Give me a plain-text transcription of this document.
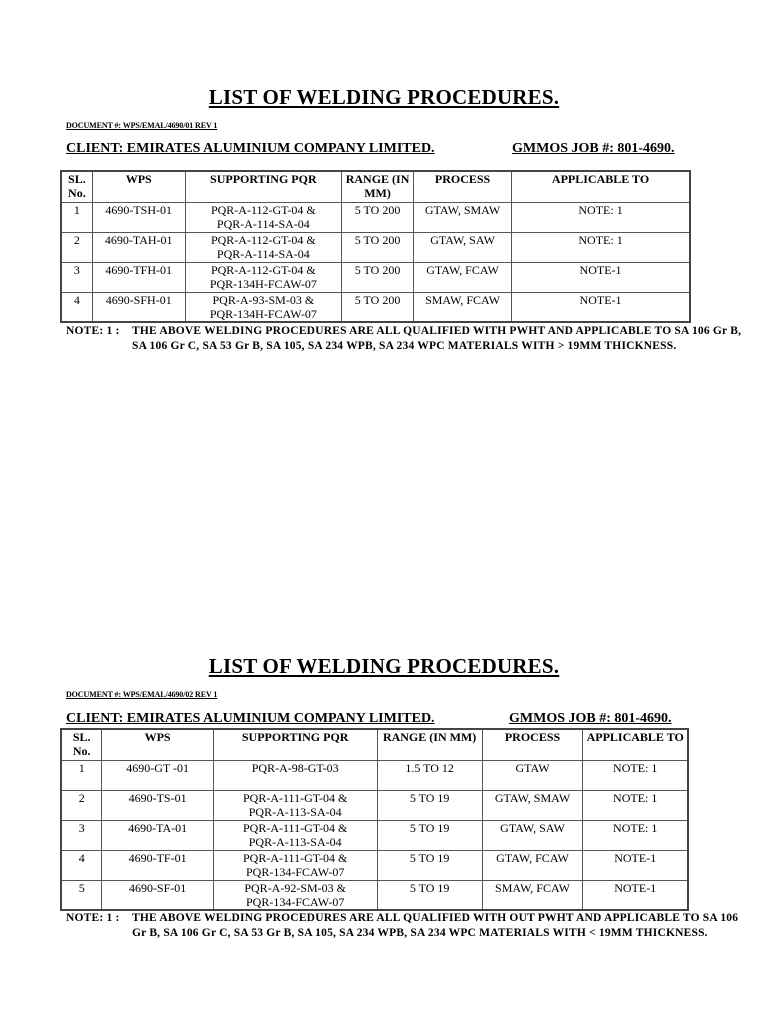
LIST OF WELDING PROCEDURES.
DOCUMENT #: WPS/EMAL/4690/01 REV 1
CLIENT: EMIRATES ALUMINIUM COMPANY LIMITED.	GMMOS JOB #: 801-4690.
SL. No.	WPS	SUPPORTING PQR	RANGE (IN MM)	PROCESS	APPLICABLE TO
1	4690-TSH-01	PQR-A-112-GT-04 &
PQR-A-114-SA-04	5 TO 200	GTAW, SMAW	NOTE: 1
2	4690-TAH-01	PQR-A-112-GT-04 &
PQR-A-114-SA-04	5 TO 200	GTAW, SAW	NOTE: 1
3	4690-TFH-01	PQR-A-112-GT-04 &
PQR-134H-FCAW-07	5 TO 200	GTAW, FCAW	NOTE-1
4	4690-SFH-01	PQR-A-93-SM-03 &
PQR-134H-FCAW-07	5 TO 200	SMAW, FCAW	NOTE-1
NOTE: 1 : THE ABOVE WELDING PROCEDURES ARE ALL QUALIFIED WITH PWHT AND APPLICABLE TO SA 106 Gr B, SA 106 Gr C, SA 53 Gr B, SA 105, SA 234 WPB, SA 234 WPC MATERIALS WITH > 19MM THICKNESS.
LIST OF WELDING PROCEDURES.
DOCUMENT #: WPS/EMAL/4690/02 REV 1
CLIENT: EMIRATES ALUMINIUM COMPANY LIMITED.	GMMOS JOB #: 801-4690.
SL. No.	WPS	SUPPORTING PQR	RANGE (IN MM)	PROCESS	APPLICABLE TO
1	4690-GT -01	PQR-A-98-GT-03	1.5 TO 12	GTAW	NOTE: 1
2	4690-TS-01	PQR-A-111-GT-04 &
PQR-A-113-SA-04	5 TO 19	GTAW, SMAW	NOTE: 1
3	4690-TA-01	PQR-A-111-GT-04 &
PQR-A-113-SA-04	5 TO 19	GTAW, SAW	NOTE: 1
4	4690-TF-01	PQR-A-111-GT-04 &
PQR-134-FCAW-07	5 TO 19	GTAW, FCAW	NOTE-1
5	4690-SF-01	PQR-A-92-SM-03 &
PQR-134-FCAW-07	5 TO 19	SMAW, FCAW	NOTE-1
NOTE: 1 : THE ABOVE WELDING PROCEDURES ARE ALL QUALIFIED WITH OUT PWHT AND APPLICABLE TO SA 106 Gr B, SA 106 Gr C, SA 53 Gr B, SA 105, SA 234 WPB, SA 234 WPC MATERIALS WITH < 19MM THICKNESS.
